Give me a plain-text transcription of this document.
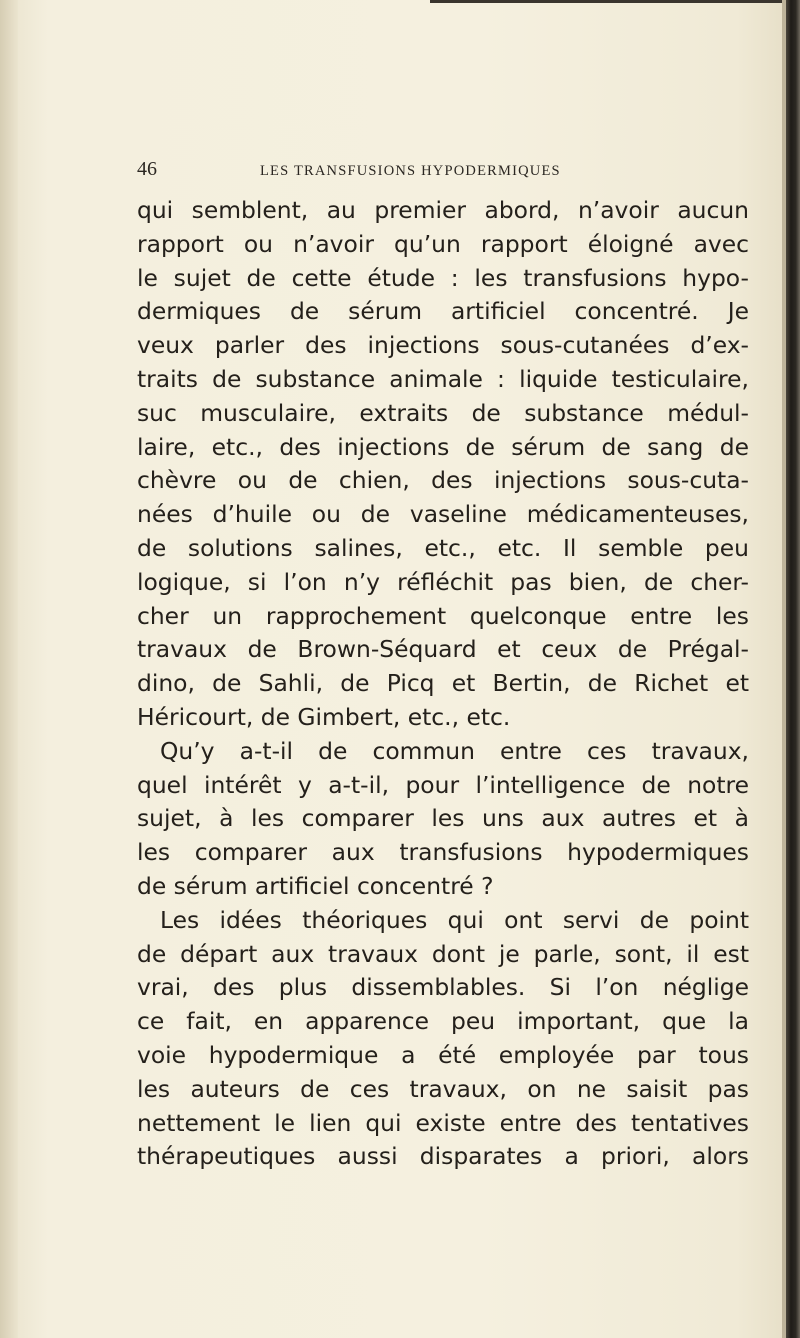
46	LES TRANSFUSIONS HYPODERMIQUES
qui semblent, au premier abord, n’avoir aucun
rapport ou n’avoir qu’un rapport éloigné avec
le sujet de cette étude : les transfusions hypo-
dermiques de sérum artificiel concentré. Je
veux parler des injections sous-cutanées d’ex-
traits de substance animale : liquide testiculaire,
suc musculaire, extraits de substance médul-
laire, etc., des injections de sérum de sang de
chèvre ou de chien, des injections sous-cuta-
nées d’huile ou de vaseline médicamenteuses,
de solutions salines, etc., etc. Il semble peu
logique, si l’on n’y réfléchit pas bien, de cher-
cher un rapprochement quelconque entre les
travaux de Brown-Séquard et ceux de Prégal-
dino, de Sahli, de Picq et Bertin, de Richet et
Héricourt, de Gimbert, etc., etc.
Qu’y a-t-il de commun entre ces travaux,
quel intérêt y a-t-il, pour l’intelligence de notre
sujet, à les comparer les uns aux autres et à
les comparer aux transfusions hypodermiques
de sérum artificiel concentré ?
Les idées théoriques qui ont servi de point
de départ aux travaux dont je parle, sont, il est
vrai, des plus dissemblables. Si l’on néglige
ce fait, en apparence peu important, que la
voie hypodermique a été employée par tous
les auteurs de ces travaux, on ne saisit pas
nettement le lien qui existe entre des tentatives
thérapeutiques aussi disparates a priori, alors
